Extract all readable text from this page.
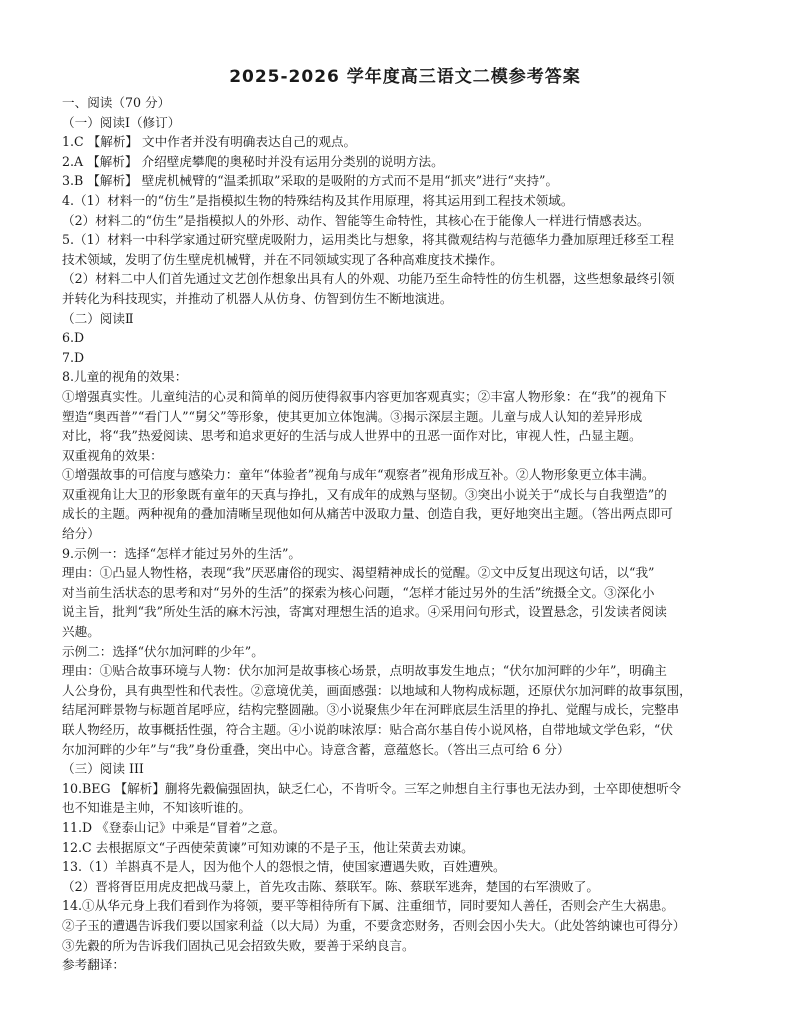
2025-2026 学年度高三语文二模参考答案
一、阅读（70 分）
（一）阅读Ⅰ（修订）
1.C 【解析】 文中作者并没有明确表达自己的观点。
2.A 【解析】 介绍壁虎攀爬的奥秘时并没有运用分类别的说明方法。
3.B 【解析】 壁虎机械臂的“温柔抓取”采取的是吸附的方式而不是用“抓夹”进行“夹持”。
4.（1）材料一的“仿生”是指模拟生物的特殊结构及其作用原理，将其运用到工程技术领域。
（2）材料二的“仿生”是指模拟人的外形、动作、智能等生命特性，其核心在于能像人一样进行情感表达。
5.（1）材料一中科学家通过研究壁虎吸附力，运用类比与想象，将其微观结构与范德华力叠加原理迁移至工程
技术领域，发明了仿生壁虎机械臂，并在不同领域实现了各种高难度技术操作。
（2）材料二中人们首先通过文艺创作想象出具有人的外观、功能乃至生命特性的仿生机器，这些想象最终引领
并转化为科技现实，并推动了机器人从仿身、仿智到仿生不断地演进。
（二）阅读Ⅱ
6.D
7.D
8.儿童的视角的效果：
①增强真实性。儿童纯洁的心灵和简单的阅历使得叙事内容更加客观真实；②丰富人物形象：在“我”的视角下
塑造“奥西普”“看门人”“舅父”等形象，使其更加立体饱满。③揭示深层主题。儿童与成人认知的差异形成
对比，将“我”热爱阅读、思考和追求更好的生活与成人世界中的丑恶一面作对比，审视人性，凸显主题。
双重视角的效果：
①增强故事的可信度与感染力：童年“体验者”视角与成年“观察者”视角形成互补。②人物形象更立体丰满。
双重视角让大卫的形象既有童年的天真与挣扎，又有成年的成熟与坚韧。③突出小说关于“成长与自我塑造”的
成长的主题。两种视角的叠加清晰呈现他如何从痛苦中汲取力量、创造自我，更好地突出主题。（答出两点即可
给分）
9.示例一：选择“怎样才能过另外的生活”。
理由：①凸显人物性格，表现“我”厌恶庸俗的现实、渴望精神成长的觉醒。②文中反复出现这句话，以“我”
对当前生活状态的思考和对“另外的生活”的探索为核心问题，“怎样才能过另外的生活”统摄全文。③深化小
说主旨，批判“我”所处生活的麻木污浊，寄寓对理想生活的追求。④采用问句形式，设置悬念，引发读者阅读
兴趣。
示例二：选择“伏尔加河畔的少年”。
理由：①贴合故事环境与人物：伏尔加河是故事核心场景，点明故事发生地点；“伏尔加河畔的少年”，明确主
人公身份，具有典型性和代表性。②意境优美，画面感强：以地域和人物构成标题，还原伏尔加河畔的故事氛围，
结尾河畔景物与标题首尾呼应，结构完整圆融。③小说聚焦少年在河畔底层生活里的挣扎、觉醒与成长，完整串
联人物经历，故事概括性强，符合主题。④小说韵味浓厚：贴合高尔基自传小说风格，自带地域文学色彩，“伏
尔加河畔的少年”与“我”身份重叠，突出中心。诗意含蓄，意蕴悠长。（答出三点可给 6 分）
（三）阅读 III
10.BEG 【解析】蒯将先縠偏强固执，缺乏仁心，不肯听令。三军之帅想自主行事也无法办到，士卒即使想听令
也不知谁是主帅，不知该听谁的。
11.D 《登泰山记》中乘是“冒着”之意。
12.C 去根据原文“子西使荣黄谏”可知劝谏的不是子玉，他让荣黄去劝谏。
13.（1）羊斟真不是人，因为他个人的怨恨之情，使国家遭遇失败，百姓遭殃。
（2）晋将胥臣用虎皮把战马蒙上，首先攻击陈、蔡联军。陈、蔡联军逃奔，楚国的右军溃败了。
14.①从华元身上我们看到作为将领，要平等相待所有下属、注重细节，同时要知人善任，否则会产生大祸患。
②子玉的遭遇告诉我们要以国家利益（以大局）为重，不要贪恋财务，否则会因小失大。（此处答纳谏也可得分）
③先縠的所为告诉我们固执己见会招致失败，要善于采纳良言。
参考翻译：
